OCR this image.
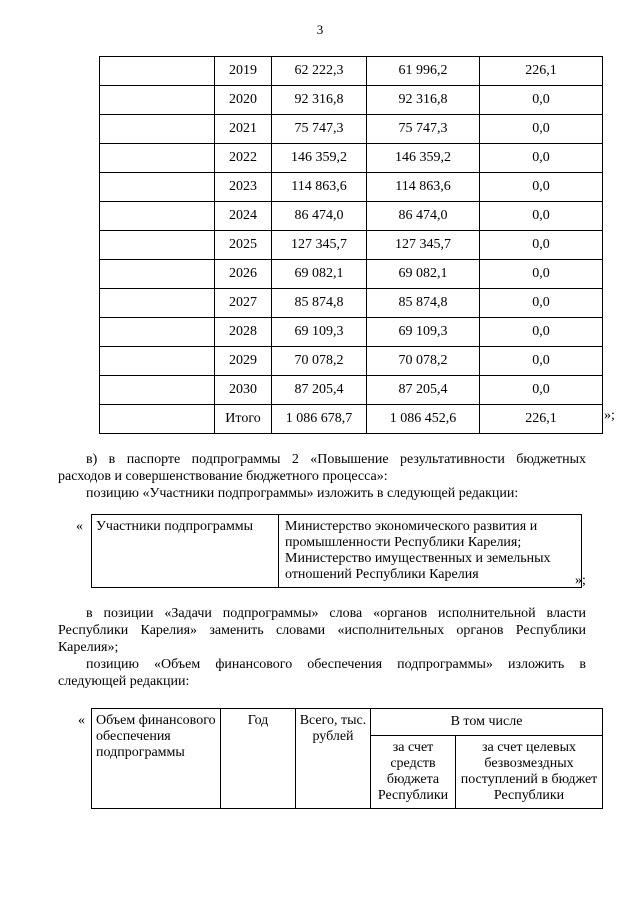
3
	2019	62 222,3	61 996,2	226,1
	2020	92 316,8	92 316,8	0,0
	2021	75 747,3	75 747,3	0,0
	2022	146 359,2	146 359,2	0,0
	2023	114 863,6	114 863,6	0,0
	2024	86 474,0	86 474,0	0,0
	2025	127 345,7	127 345,7	0,0
	2026	69 082,1	69 082,1	0,0
	2027	85 874,8	85 874,8	0,0
	2028	69 109,3	69 109,3	0,0
	2029	70 078,2	70 078,2	0,0
	2030	87 205,4	87 205,4	0,0
	Итого	1 086 678,7	1 086 452,6	226,1	»;
в) в паспорте подпрограммы 2 «Повышение результативности бюджетных расходов и совершенствование бюджетного процесса»:
позицию «Участники подпрограммы» изложить в следующей редакции:
« Участники подпрограммы	Министерство экономического развития и промышленности Республики Карелия;
Министерство имущественных и земельных отношений Республики Карелия	»;
в позиции «Задачи подпрограммы» слова «органов исполнительной власти Республики Карелия» заменить словами «исполнительных органов Республики Карелия»;
позицию «Объем финансового обеспечения подпрограммы» изложить в следующей редакции:
« Объем финансового обеспечения подпрограммы	Год	Всего, тыс. рублей	В том числе	
			за счет средств бюджета Республики	за счет целевых безвозмездных поступлений в бюджет Республики
